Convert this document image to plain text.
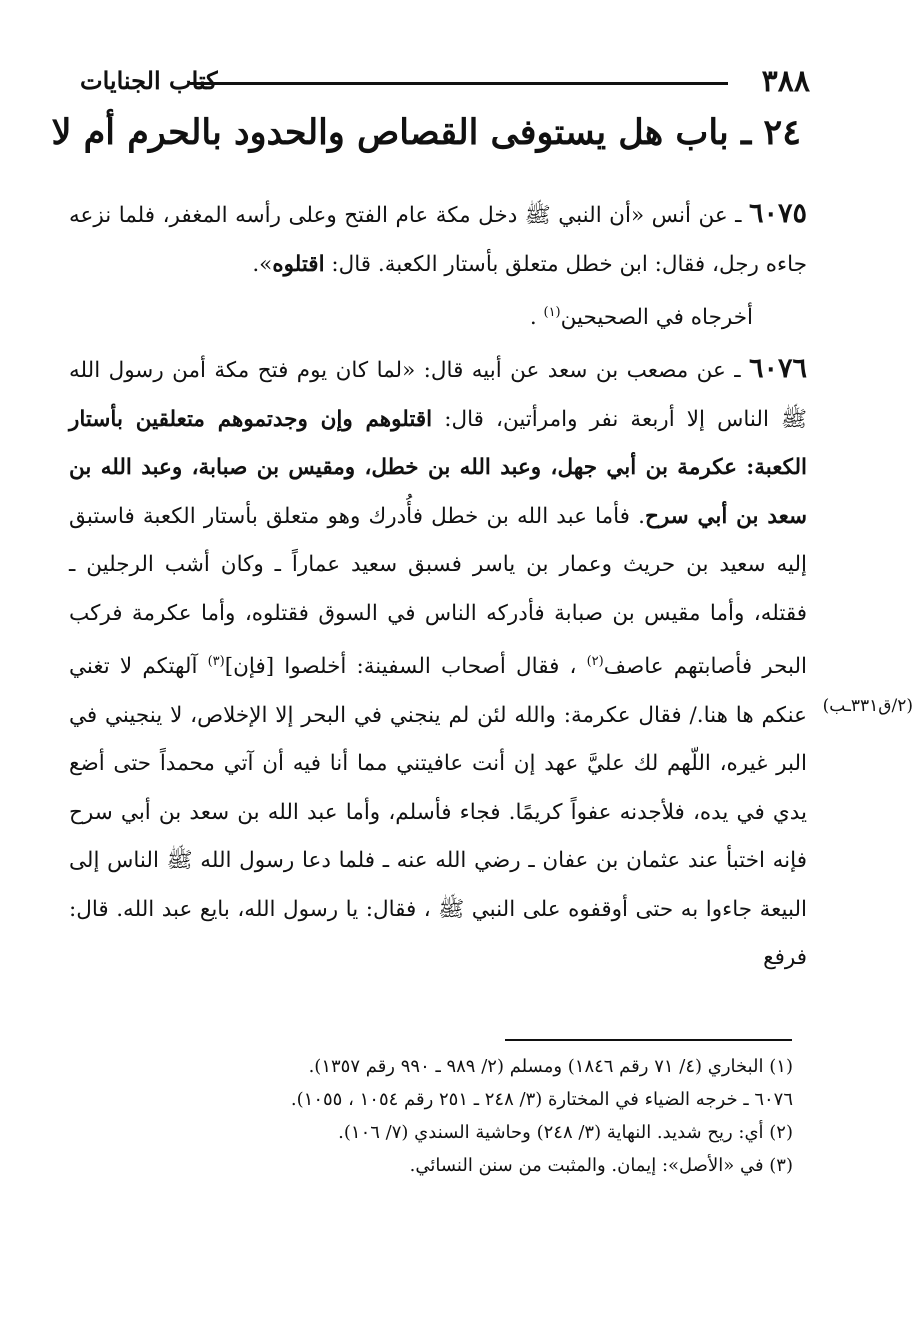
٣٨٨
كتاب الجنايات
٢٤ ـ باب هل يستوفى القصاص والحدود بالحرم أم لا

٦٠٧٥ ـ عن أنس «أن النبي ﷺ دخل مكة عام الفتح وعلى رأسه المغفر، فلما نزعه جاءه رجل، فقال: ابن خطل متعلق بأستار الكعبة. قال: اقتلوه».

أخرجاه في الصحيحين$^{(١)}$ .

٦٠٧٦ ـ عن مصعب بن سعد عن أبيه قال: «لما كان يوم فتح مكة أمن رسول الله ﷺ الناس إلا أربعة نفر وامرأتين، قال: اقتلوهم وإن وجدتموهم متعلقين بأستار الكعبة: عكرمة بن أبي جهل، وعبد الله بن خطل، ومقيس بن صبابة، وعبد الله بن سعد بن أبي سرح. فأما عبد الله بن خطل فأُدرك وهو متعلق بأستار الكعبة فاستبق إليه سعيد بن حريث وعمار بن ياسر فسبق سعيد عماراً ـ وكان أشب الرجلين ـ فقتله، وأما مقيس بن صبابة فأدركه الناس في السوق فقتلوه، وأما عكرمة فركب البحر فأصابتهم عاصف$^{(٢)}$ ، فقال أصحاب السفينة: أخلصوا [فإن]$^{(٣)}$ آلهتكم لا تغني عنكم ها هنا./ فقال عكرمة: والله لئن لم ينجني في البحر إلا الإخلاص، لا ينجيني في البر غيره، اللّهم لك عليَّ عهد إن أنت عافيتني مما أنا فيه أن آتي محمداً حتى أضع يدي في يده، فلأجدنه عفواً كريمًا. فجاء فأسلم، وأما عبد الله بن سعد بن أبي سرح فإنه اختبأ عند عثمان بن عفان ـ رضي الله عنه ـ فلما دعا رسول الله ﷺ الناس إلى البيعة جاءوا به حتى أوقفوه على النبي ﷺ ، فقال: يا رسول الله، بايع عبد الله. قال: فرفع

(٢/ق٣٣١ـب)

(١) البخاري (٤/ ٧١ رقم ١٨٤٦) ومسلم (٢/ ٩٨٩ ـ ٩٩٠ رقم ١٣٥٧).

٦٠٧٦ ـ خرجه الضياء في المختارة (٣/ ٢٤٨ ـ ٢٥١ رقم ١٠٥٤ ، ١٠٥٥).

(٢) أي: ريح شديد. النهاية (٣/ ٢٤٨) وحاشية السندي (٧/ ١٠٦).

(٣) في «الأصل»: إيمان. والمثبت من سنن النسائي.
